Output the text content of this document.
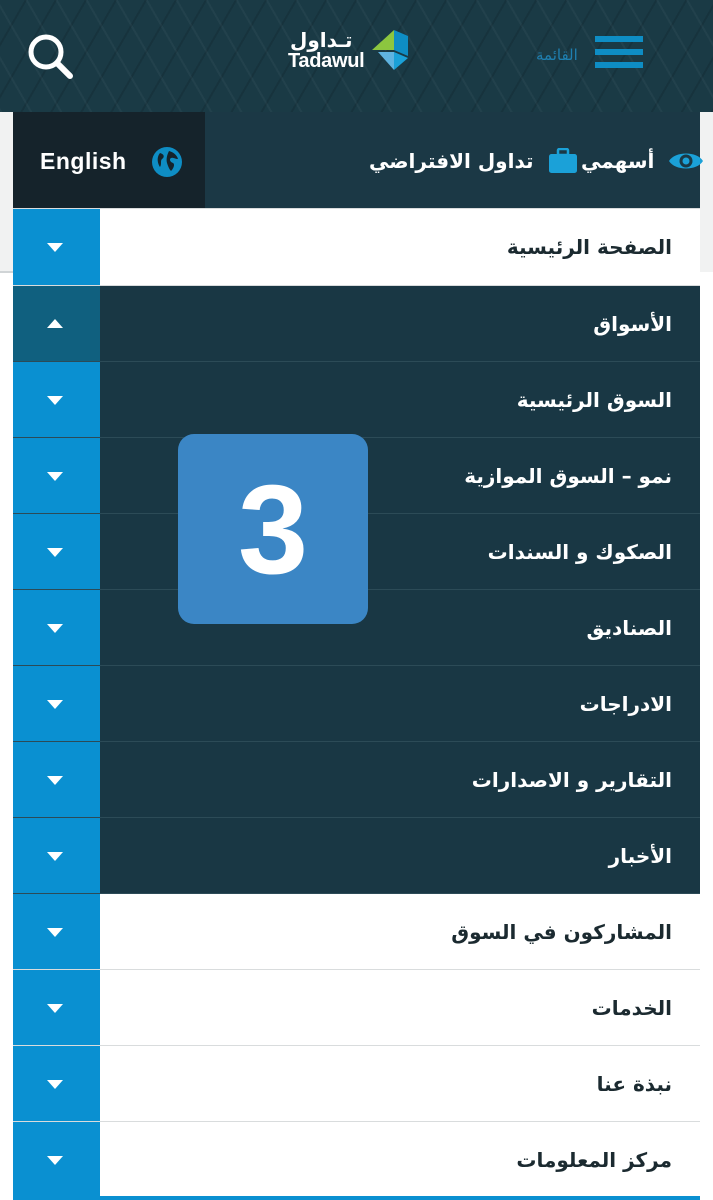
تـداول
Tadawul	القائمة
English	تداول الافتراضي أسهمي
الصفحة الرئيسية
الأسواق
السوق الرئيسية
نمو – السوق الموازية
الصكوك و السندات
الصناديق
الادراجات
التقارير و الاصدارات
الأخبار
المشاركون في السوق
الخدمات
نبذة عنا
مركز المعلومات
3
